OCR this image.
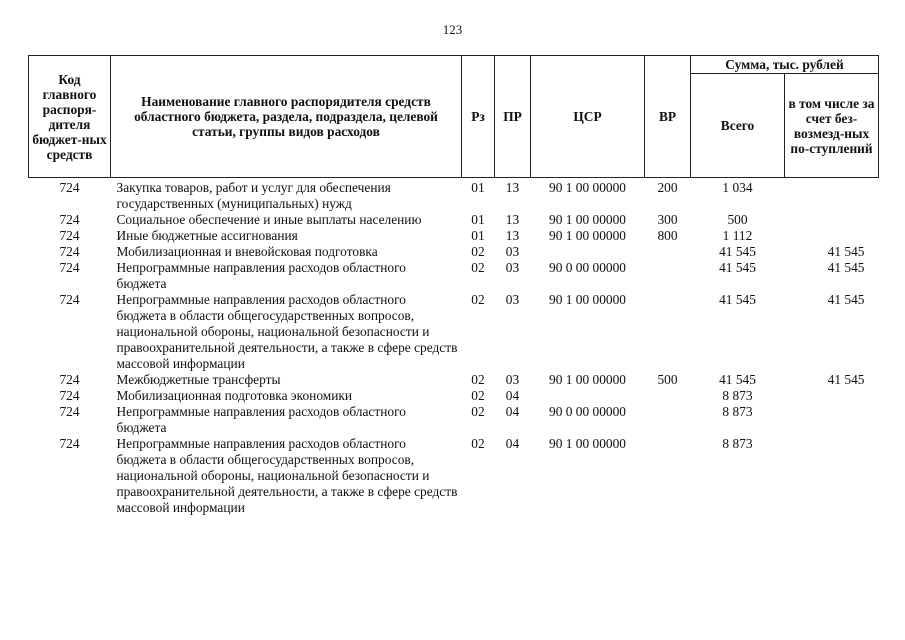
123
Код главного распоря-дителя бюджет-ных средств	Наименование главного распорядителя средств областного бюджета, раздела, подраздела, целевой статьи, группы видов расходов	Рз	ПР	ЦСР	ВР	Сумма, тыс. рублей	
						Всего	в том числе за счет без-возмезд-ных по-ступлений
724	Закупка товаров, работ и услуг для обеспечения государственных (муниципальных) нужд	01	13	90 1 00 00000	200	1 034	
724	Социальное обеспечение и иные выплаты населению	01	13	90 1 00 00000	300	500	
724	Иные бюджетные ассигнования	01	13	90 1 00 00000	800	1 112	
724	Мобилизационная и вневойсковая подготовка	02	03			41 545	41 545
724	Непрограммные направления расходов областного бюджета	02	03	90 0 00 00000		41 545	41 545
724	Непрограммные направления расходов областного бюджета в области общегосударственных вопросов, национальной обороны, национальной безопасности и правоохранительной деятельности, а также в сфере средств массовой информации	02	03	90 1 00 00000		41 545	41 545
724	Межбюджетные трансферты	02	03	90 1 00 00000	500	41 545	41 545
724	Мобилизационная подготовка экономики	02	04			8 873	
724	Непрограммные направления расходов областного бюджета	02	04	90 0 00 00000		8 873	
724	Непрограммные направления расходов областного бюджета в области общегосударственных вопросов, национальной обороны, национальной безопасности и правоохранительной деятельности, а также в сфере средств массовой информации	02	04	90 1 00 00000		8 873	
